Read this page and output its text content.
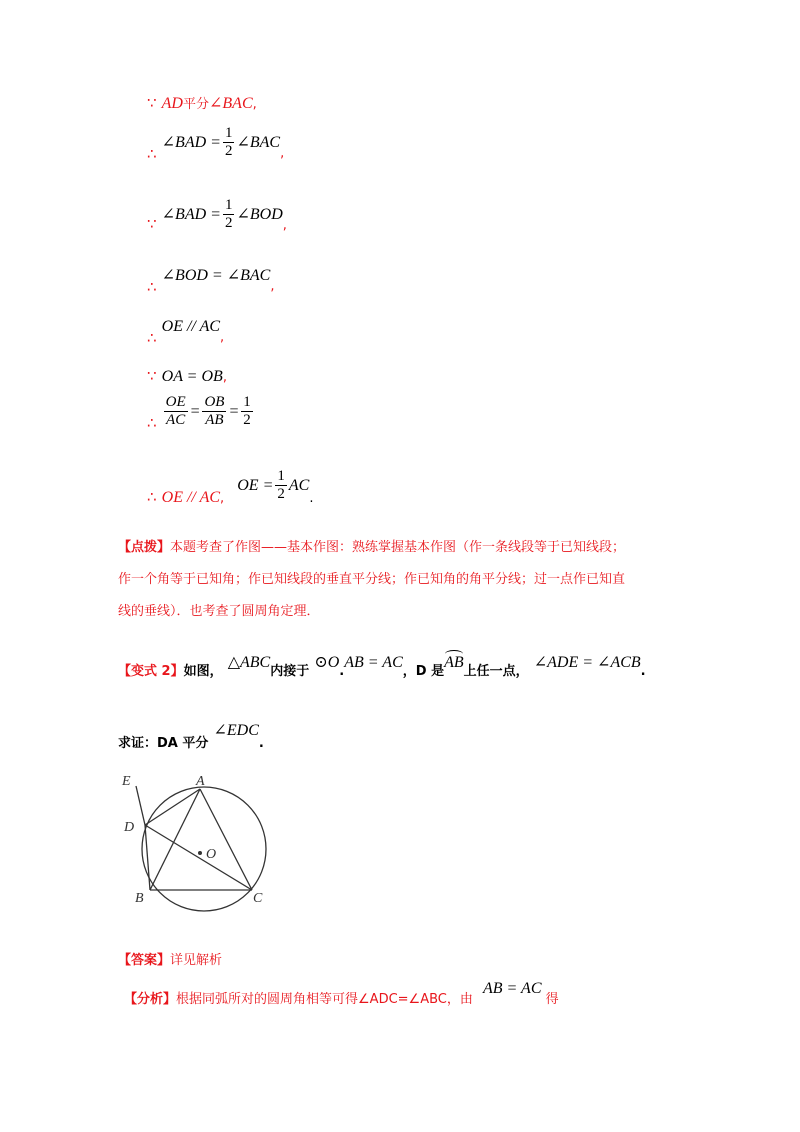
∵ AD平分∠BAC,
∴ ∠BAD = $\frac{1}{2}$ $\angle BAC_,$
∵ ∠BAD = $\frac{1}{2}$ $\angle BOD_,$
∴ ∠BOD = $\angle BAC_,$
∴ OE // $AC_,$
∵ OA = OB,
∴ $\frac{OE}{AC} = \frac{OB}{AB} = \frac{1}{2}$
∴ OE // $AC_,$ OE = $\frac{1}{2} AC_.$
【点拨】本题考查了作图——基本作图：熟练掌握基本作图（作一条线段等于已知线段；
作一个角等于已知角；作已知线段的垂直平分线；作已知角的角平分线；过一点作已知直
线的垂线）．也考查了圆周角定理．
【变式 2】如图， △ABC内接于 ⊙O.AB = AC，D 是AB上任一点， ∠ADE = ∠ACB.
$_{求证:DA 平分}$ $\angle EDC_.$
E	A
D
O
B	C
【答案】详见解析
【分析】根据同弧所对的圆周角相等可得∠ADC=∠ABC，由 AB = AC 得
